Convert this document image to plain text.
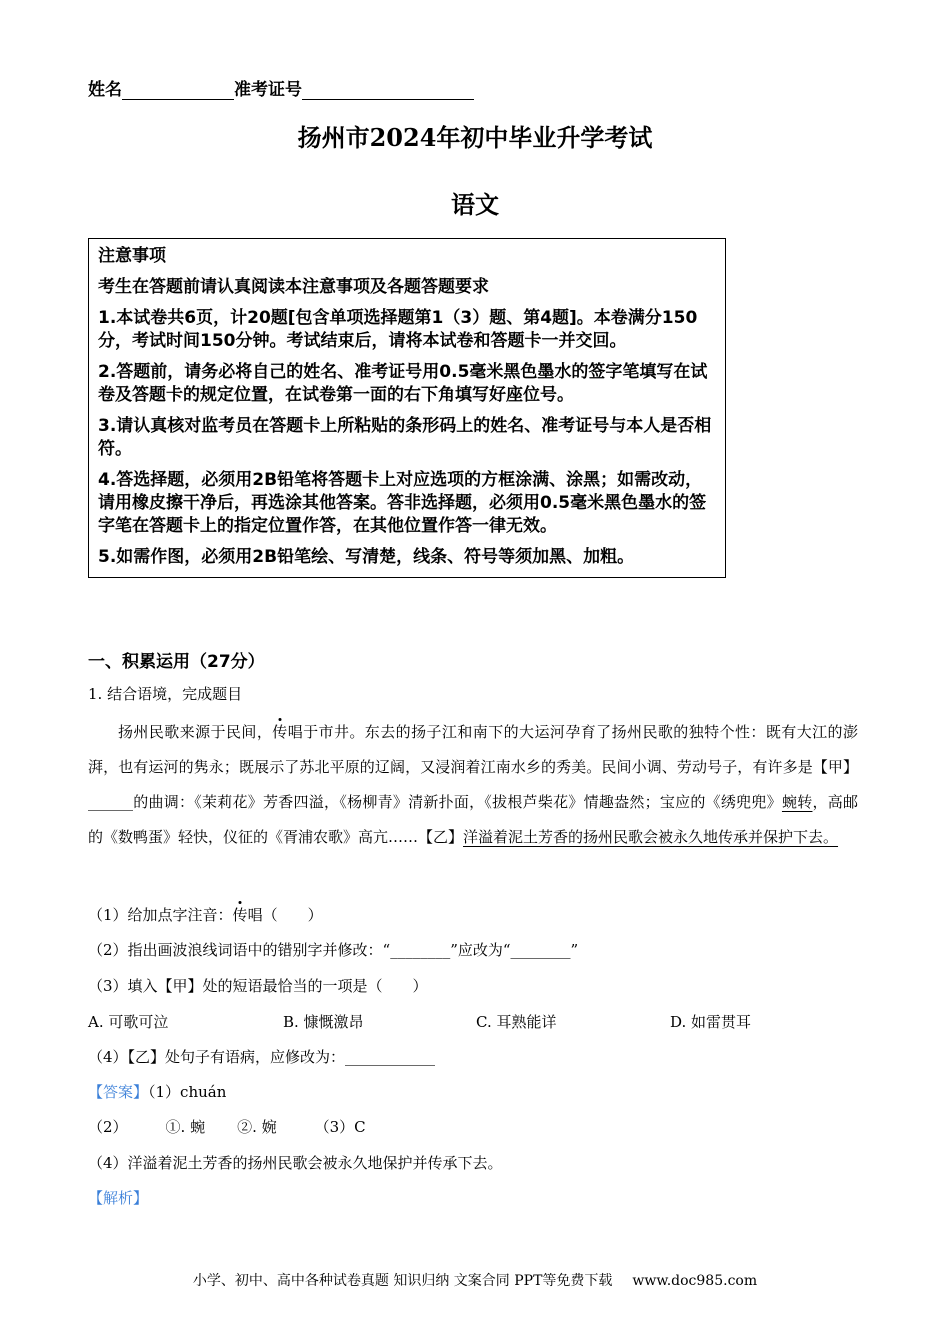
姓名	准考证号
扬州市2024年初中毕业升学考试
语文

注意事项

考生在答题前请认真阅读本注意事项及各题答题要求

1.本试卷共6页，计20题[包含单项选择题第1（3）题、第4题]。本卷满分150分，考试时间150分钟。考试结束后，请将本试卷和答题卡一并交回。

2.答题前，请务必将自己的姓名、准考证号用0.5毫米黑色墨水的签字笔填写在试卷及答题卡的规定位置，在试卷第一面的右下角填写好座位号。

3.请认真核对监考员在答题卡上所粘贴的条形码上的姓名、准考证号与本人是否相符。

4.答选择题，必须用2B铅笔将答题卡上对应选项的方框涂满、涂黑；如需改动，请用橡皮擦干净后，再选涂其他答案。答非选择题，必须用0.5毫米黑色墨水的签字笔在答题卡上的指定位置作答，在其他位置作答一律无效。

5.如需作图，必须用2B铅笔绘、写清楚，线条、符号等须加黑、加粗。

一、积累运用（27分）
1. 结合语境，完成题目
扬州民歌来源于民间，传唱于市井。东去的扬子江和南下的大运河孕育了扬州民歌的独特个性：既有大江的澎湃，也有运河的隽永；既展示了苏北平原的辽阔，又浸润着江南水乡的秀美。民间小调、劳动号子，有许多是【甲】______的曲调：《茉莉花》芳香四溢，《杨柳青》清新扑面，《拔根芦柴花》情趣盎然；宝应的《绣兜兜》蜿转，高邮的《数鸭蛋》轻快，仪征的《胥浦农歌》高亢……【乙】洋溢着泥土芳香的扬州民歌会被永久地传承并保护下去。
（1）给加点字注音：传唱（　　）
（2）指出画波浪线词语中的错别字并修改：“________”应改为“________”
（3）填入【甲】处的短语最恰当的一项是（　　）
A. 可歌可泣	B. 慷慨激昂	C. 耳熟能详	D. 如雷贯耳
（4）【乙】处句子有语病，应修改为：____________
【答案】（1）chuán
（2）	①. 蜿 ②. 婉	（3）C
（4）洋溢着泥土芳香的扬州民歌会被永久地保护并传承下去。
【解析】
小学、初中、高中各种试卷真题 知识归纳 文案合同 PPT等免费下载 www.doc985.com
